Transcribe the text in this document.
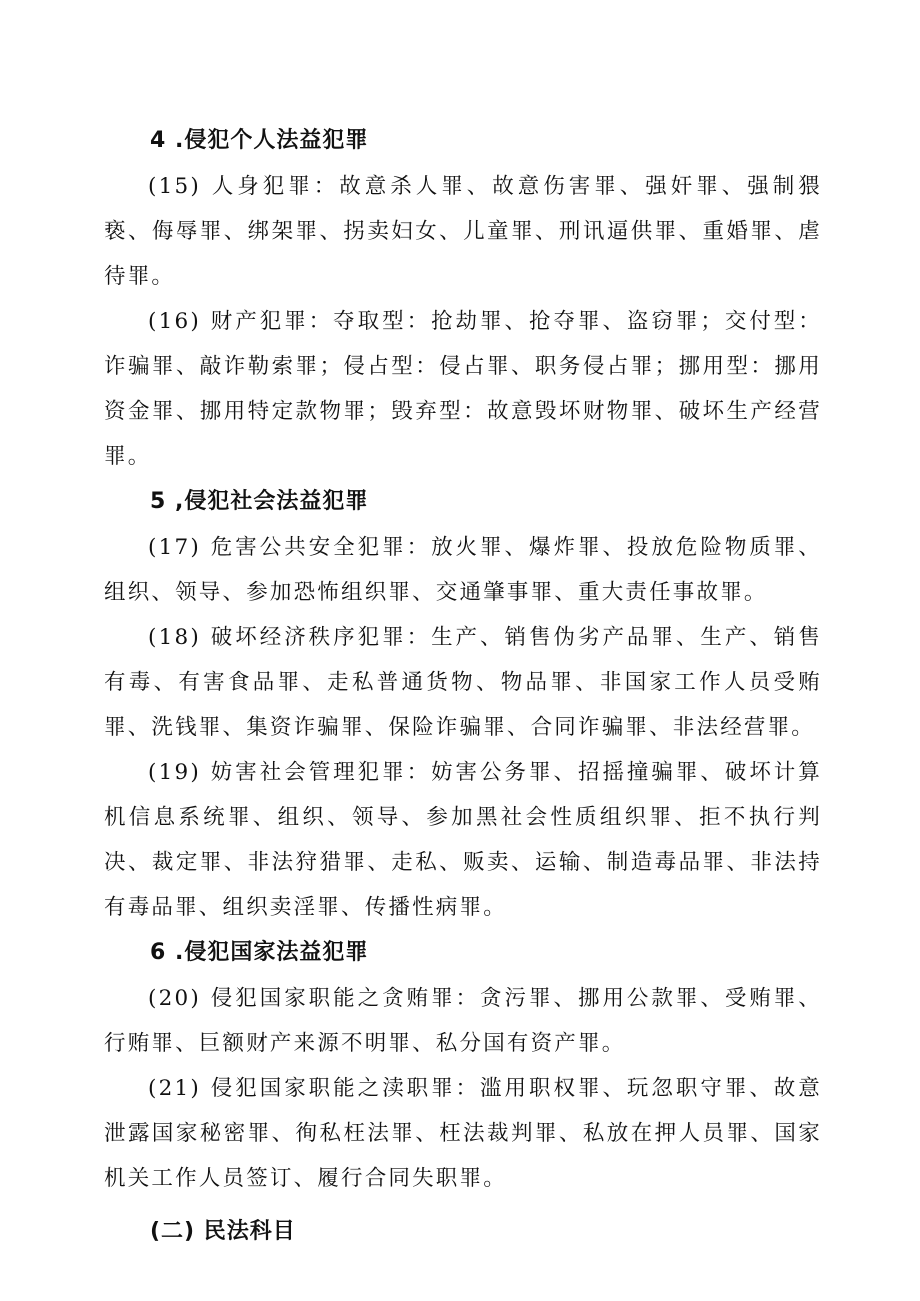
4 .侵犯个人法益犯罪

(15) 人身犯罪：故意杀人罪、故意伤害罪、强奸罪、强制猥亵、侮辱罪、绑架罪、拐卖妇女、儿童罪、刑讯逼供罪、重婚罪、虐待罪。

(16) 财产犯罪：夺取型：抢劫罪、抢夺罪、盗窃罪；交付型：诈骗罪、敲诈勒索罪；侵占型：侵占罪、职务侵占罪；挪用型：挪用资金罪、挪用特定款物罪；毁弃型：故意毁坏财物罪、破坏生产经营罪。

5 ,侵犯社会法益犯罪

(17) 危害公共安全犯罪：放火罪、爆炸罪、投放危险物质罪、组织、领导、参加恐怖组织罪、交通肇事罪、重大责任事故罪。

(18) 破坏经济秩序犯罪：生产、销售伪劣产品罪、生产、销售有毒、有害食品罪、走私普通货物、物品罪、非国家工作人员受贿罪、洗钱罪、集资诈骗罪、保险诈骗罪、合同诈骗罪、非法经营罪。

(19) 妨害社会管理犯罪：妨害公务罪、招摇撞骗罪、破坏计算机信息系统罪、组织、领导、参加黑社会性质组织罪、拒不执行判决、裁定罪、非法狩猎罪、走私、贩卖、运输、制造毒品罪、非法持有毒品罪、组织卖淫罪、传播性病罪。

6 .侵犯国家法益犯罪

(20) 侵犯国家职能之贪贿罪：贪污罪、挪用公款罪、受贿罪、行贿罪、巨额财产来源不明罪、私分国有资产罪。

(21) 侵犯国家职能之渎职罪：滥用职权罪、玩忽职守罪、故意泄露国家秘密罪、徇私枉法罪、枉法裁判罪、私放在押人员罪、国家机关工作人员签订、履行合同失职罪。

(二) 民法科目
